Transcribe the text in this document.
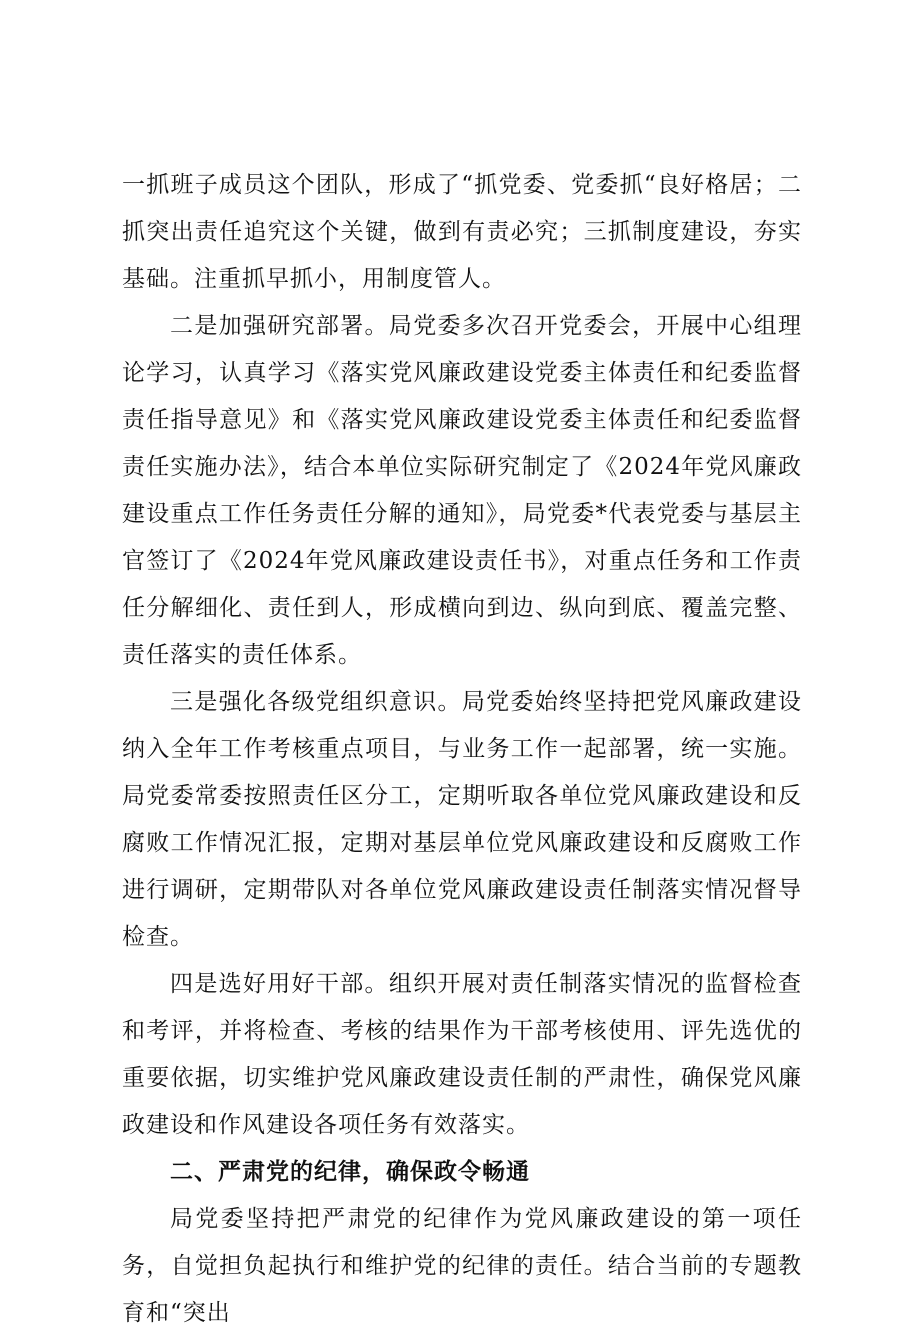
一抓班子成员这个团队，形成了“抓党委、党委抓“良好格居；二抓突出责任追究这个关键，做到有责必究；三抓制度建设，夯实基础。注重抓早抓小，用制度管人。

二是加强研究部署。局党委多次召开党委会，开展中心组理论学习，认真学习《落实党风廉政建设党委主体责任和纪委监督责任指导意见》和《落实党风廉政建设党委主体责任和纪委监督责任实施办法》，结合本单位实际研究制定了《2024年党风廉政建设重点工作任务责任分解的通知》，局党委*代表党委与基层主官签订了《2024年党风廉政建设责任书》，对重点任务和工作责任分解细化、责任到人，形成横向到边、纵向到底、覆盖完整、责任落实的责任体系。

三是强化各级党组织意识。局党委始终坚持把党风廉政建设纳入全年工作考核重点项目，与业务工作一起部署，统一实施。局党委常委按照责任区分工，定期听取各单位党风廉政建设和反腐败工作情况汇报，定期对基层单位党风廉政建设和反腐败工作进行调研，定期带队对各单位党风廉政建设责任制落实情况督导检查。

四是选好用好干部。组织开展对责任制落实情况的监督检查和考评，并将检查、考核的结果作为干部考核使用、评先选优的重要依据，切实维护党风廉政建设责任制的严肃性，确保党风廉政建设和作风建设各项任务有效落实。

二、严肃党的纪律，确保政令畅通

局党委坚持把严肃党的纪律作为党风廉政建设的第一项任务，自觉担负起执行和维护党的纪律的责任。结合当前的专题教育和“突出
